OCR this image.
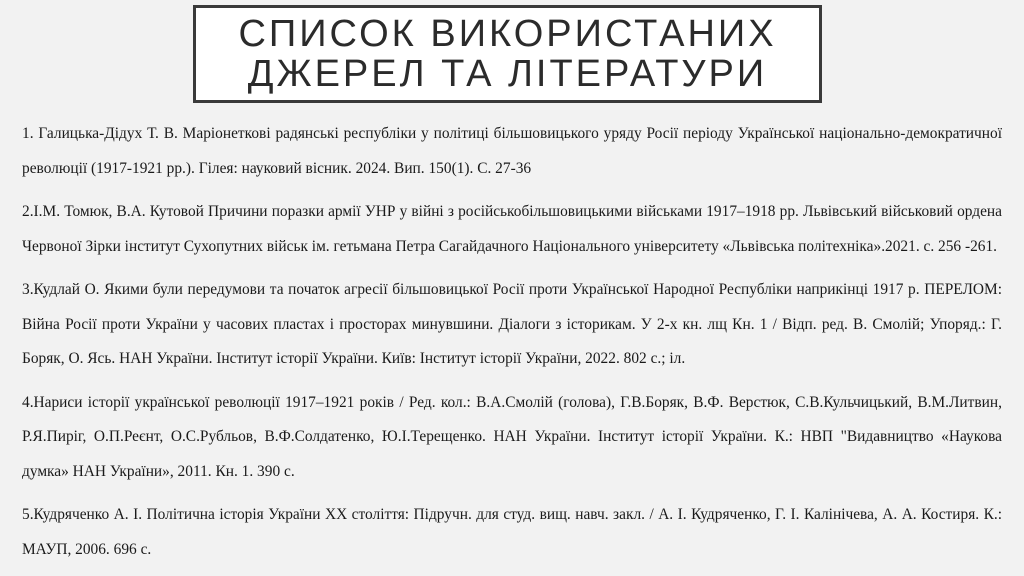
СПИСОК ВИКОРИСТАНИХ
ДЖЕРЕЛ ТА ЛІТЕРАТУРИ

1. Галицька-Дідух Т. В. Маріонеткові радянські республіки у політиці більшовицького уряду Росії періоду Української національно-демократичної революції (1917-1921 рр.). Гілея: науковий вісник. 2024. Вип. 150(1). С. 27-36

2.І.М. Томюк, В.А. Кутовой Причини поразки армії УНР у війні з російськобільшовицькими військами 1917–1918 рр. Львівський військовий ордена Червоної Зірки інститут Сухопутних військ ім. гетьмана Петра Сагайдачного Національного університету «Львівська політехніка».2021. с. 256 -261.

3.Кудлай О. Якими були передумови та початок агресії більшовицької Росії проти Української Народної Республіки наприкінці 1917 р. ПЕРЕЛОМ: Війна Росії проти України у часових пластах і просторах минувшини. Діалоги з історикам. У 2-х кн. лщ Кн. 1 / Відп. ред. В. Смолій; Упоряд.: Г. Боряк, О. Ясь. НАН України. Інститут історії України. Київ: Інститут історії України, 2022. 802 с.; іл.

4.Нариси історії української революції 1917–1921 років / Ред. кол.: В.А.Смолій (голова), Г.В.Боряк, В.Ф. Верстюк, С.В.Кульчицький, В.М.Литвин, Р.Я.Пиріг, О.П.Реєнт, О.С.Рубльов, В.Ф.Солдатенко, Ю.І.Терещенко. НАН України. Інститут історії України. К.: НВП "Видавництво «Наукова думка» НАН України», 2011. Кн. 1. 390 с.

5.Кудряченко А. І. Політична історія України ХХ століття: Підручн. для студ. вищ. навч. закл. / А. І. Кудряченко, Г. І. Калінічева, А. А. Костиря. К.: МАУП, 2006. 696 с.
